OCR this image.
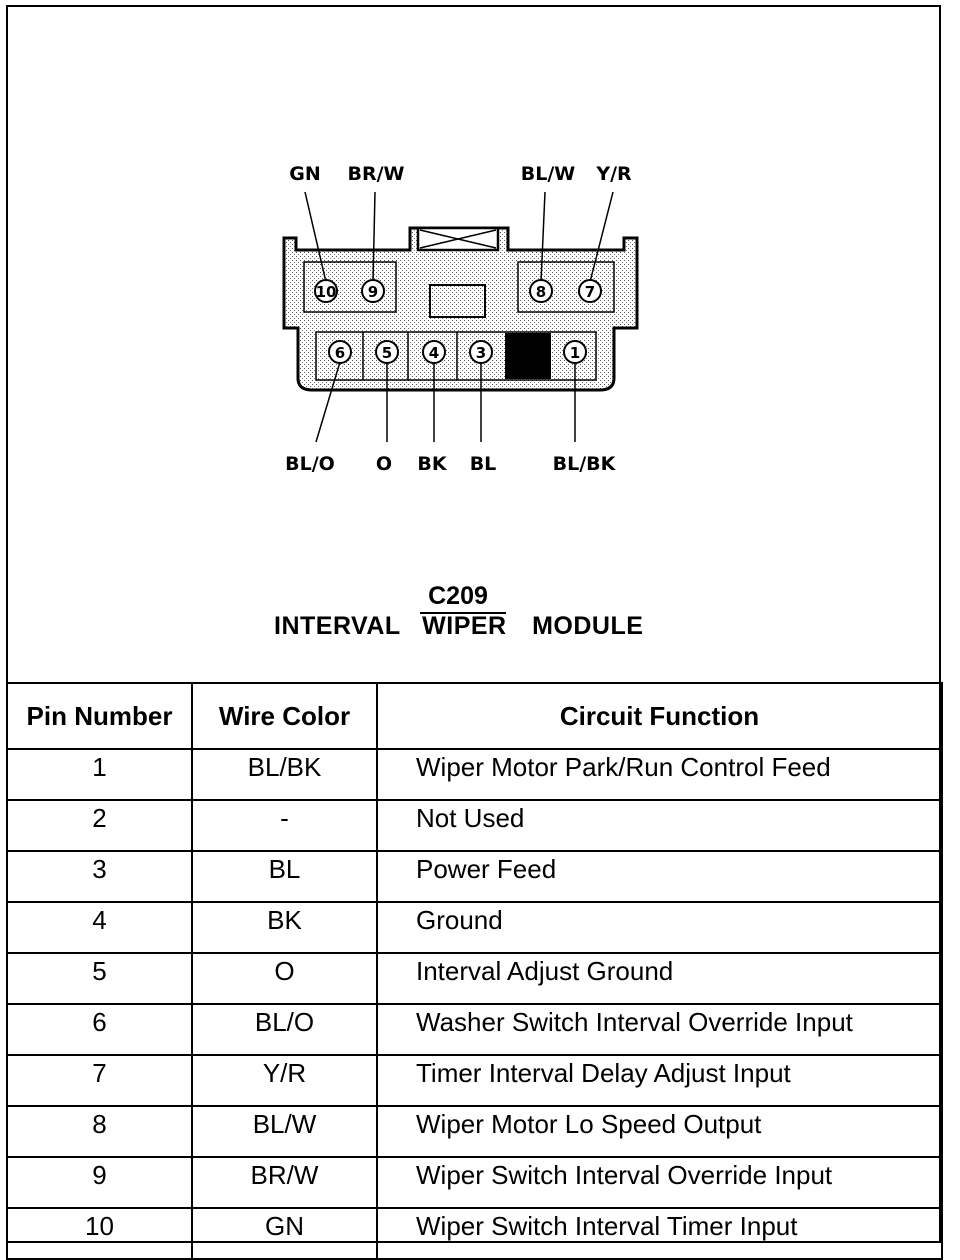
10 9	8	7
6 5 4 3	1
GN BR/W	BL/W Y/R
BL/O O BK BL	BL/BK
C209
INTERVAL WIPER MODULE
Pin Number	Wire Color	Circuit Function
1	BL/BK	Wiper Motor Park/Run Control Feed
2	-	Not Used
3	BL	Power Feed
4	BK	Ground
5	O	Interval Adjust Ground
6	BL/O	Washer Switch Interval Override Input
7	Y/R	Timer Interval Delay Adjust Input
8	BL/W	Wiper Motor Lo Speed Output
9	BR/W	Wiper Switch Interval Override Input
10	GN	Wiper Switch Interval Timer Input
